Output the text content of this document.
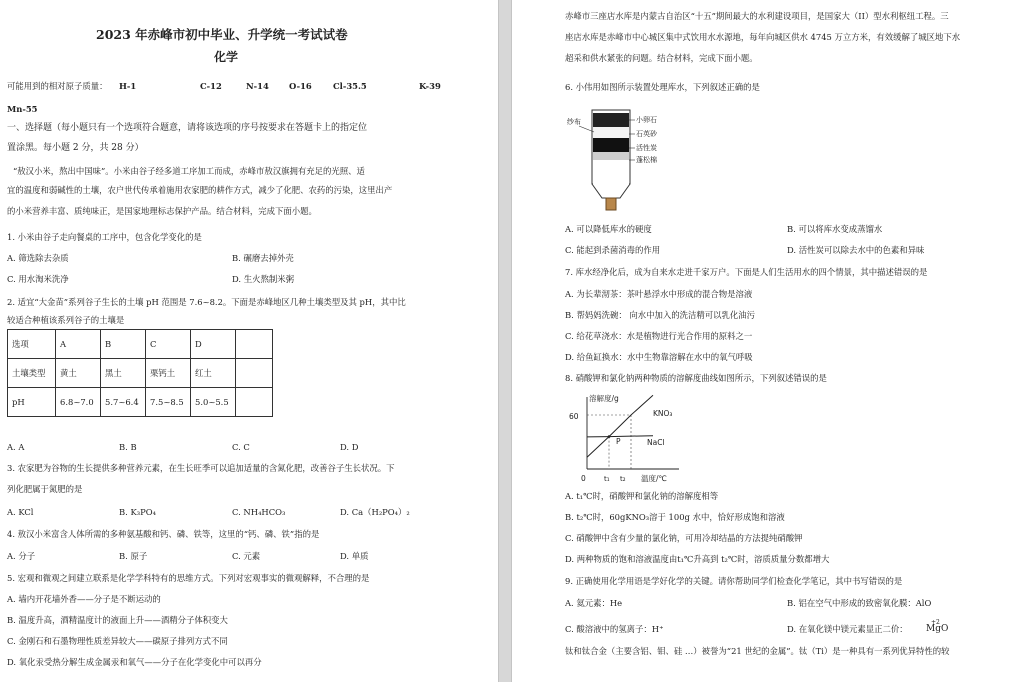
2023 年赤峰市初中毕业、升学统一考试试卷
化学
可能用到的相对原子质量： H-1	C-12	N-14 O-16	Cl-35.5	K-39
Mn-55
一、选择题（每小题只有一个选项符合题意，请将该选项的序号按要求在答题卡上的指定位
置涂黑。每小题 2 分，共 28 分）
“敖汉小米，熬出中国味”。小米由谷子经多道工序加工而成，赤峰市敖汉旗拥有充足的光照、适
宜的温度和弱碱性的土壤，农户世代传承着施用农家肥的耕作方式，减少了化肥、农药的污染，这里出产
的小米营养丰富、质纯味正，是国家地理标志保护产品。结合材料，完成下面小题。
1. 小米由谷子走向餐桌的工序中，包含化学变化的是
A. 筛选除去杂质	B. 碾磨去掉外壳
C. 用水淘米洗净	D. 生火熬制米粥
2. 适宜“大金苗”系列谷子生长的土壤 pH 范围是 7.6~8.2。下面是赤峰地区几种土壤类型及其 pH，其中比
较适合种植该系列谷子的土壤是
选项	A	B	C	D	
土壤类型	黄土	黑土	栗钙土	红土	
pH	6.8~7.0	5.7~6.4	7.5~8.5	5.0~5.5	
A. A	B. B	C. C	D. D
3. 农家肥为谷物的生长提供多种营养元素，在生长旺季可以追加适量的含氮化肥，改善谷子生长状况。下
列化肥属于氮肥的是
A. KCl	B. K₃PO₄	C. NH₄HCO₃	D. Ca（H₂PO₄）₂
4. 敖汉小米富含人体所需的多种氨基酸和钙、磷、铁等，这里的“钙、磷、铁”指的是
A. 分子	B. 原子	C. 元素	D. 单质
5. 宏观和微观之间建立联系是化学学科特有的思维方式。下列对宏观事实的微观解释，不合理的是
A. 墙内开花墙外香——分子是不断运动的
B. 温度升高，酒精温度计的液面上升——酒精分子体积变大
C. 金刚石和石墨物理性质差异较大——碳原子排列方式不同
D. 氧化汞受热分解生成金属汞和氧气——分子在化学变化中可以再分
赤峰市三座店水库是内蒙古自治区“十五”期间最大的水利建设项目，是国家大（II）型水利枢纽工程。三
座店水库是赤峰市中心城区集中式饮用水水源地，每年向城区供水 4745 万立方米，有效缓解了城区地下水
超采和供水紧张的问题。结合材料，完成下面小题。
6. 小伟用如图所示装置处理库水，下列叙述正确的是
纱布	小卵石
石英砂
活性炭
蓬松棉
A. 可以降低库水的硬度	B. 可以将库水变成蒸馏水
C. 能起到杀菌消毒的作用	D. 活性炭可以除去水中的色素和异味
7. 库水经净化后，成为自来水走进千家万户。下面是人们生活用水的四个情景，其中描述错误的是
A. 为长辈沏茶：茶叶悬浮水中形成的混合物是溶液
B. 帮妈妈洗碗： 向水中加入的洗洁精可以乳化油污
C. 给花草浇水：水是植物进行光合作用的原料之一
D. 给鱼缸换水：水中生物靠溶解在水中的氧气呼吸
8. 硝酸钾和氯化钠两种物质的溶解度曲线如图所示，下列叙述错误的是
溶解度/g
60
温度/℃
0	t₁ t₂
P
KNO₃
NaCl
A. t₁℃时，硝酸钾和氯化钠的溶解度相等
B. t₂℃时，60gKNO₃溶于 100g 水中，恰好形成饱和溶液
C. 硝酸钾中含有少量的氯化钠，可用冷却结晶的方法提纯硝酸钾
D. 两种物质的饱和溶液温度由t₁℃升高到 t₂℃时，溶质质量分数都增大
9. 正确使用化学用语是学好化学的关键。请你帮助同学们检查化学笔记，其中书写错误的是
A. 氦元素：He	B. 铝在空气中形成的致密氧化膜：AlO
C. 酸溶液中的氢离子：H⁺	D. 在氧化镁中镁元素显正二价：
+2
MgO
钛和钛合金（主要含铝、钼、硅 …）被誉为“21 世纪的金属”。钛（Ti）是一种具有一系列优异特性的较
